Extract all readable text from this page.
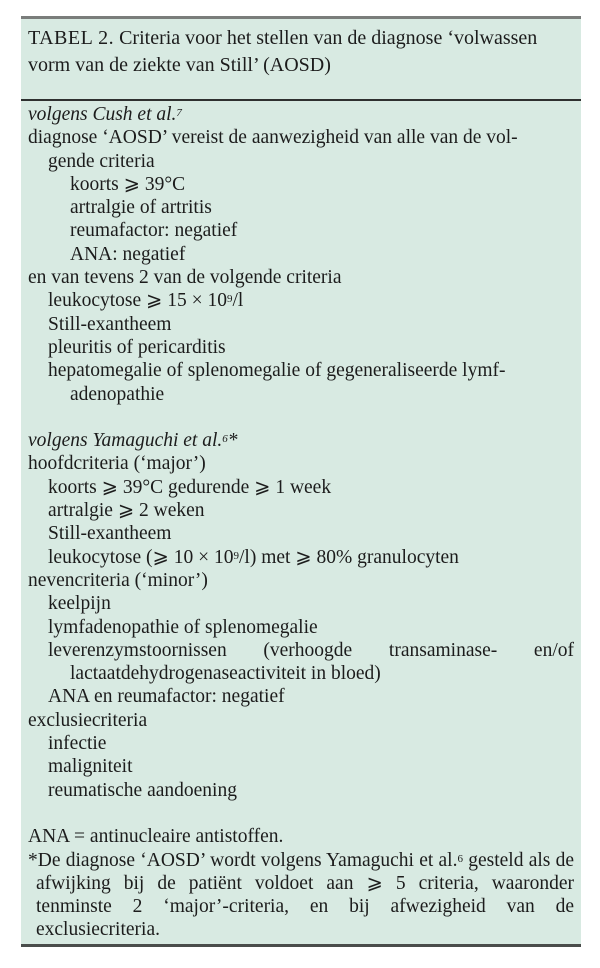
TABEL 2. Criteria voor het stellen van de diagnose ‘volwassen vorm van de ziekte van Still’ (AOSD)
volgens Cush et al.$^7$
diagnose ‘AOSD’ vereist de aanwezigheid van alle van de vol-
gende criteria
koorts ⩾ 39°C
artralgie of artritis
reumafactor: negatief
ANA: negatief
en van tevens 2 van de volgende criteria
leukocytose ⩾ $15 \times 10^9/l$
Still-exantheem
pleuritis of pericarditis
hepatomegalie of splenomegalie of gegeneraliseerde lymf-
adenopathie
volgens Yamaguchi et al.$^6$*
hoofdcriteria (‘major’)
koorts ⩾ 39°C gedurende ⩾ 1 week
artralgie ⩾ 2 weken
Still-exantheem
leukocytose (⩾ $10 \times 10^9/l$) met ⩾ 80% granulocyten
nevencriteria (‘minor’)
keelpijn
lymfadenopathie of splenomegalie
leverenzymstoornissen (verhoogde transaminase- en/of lactaatdehydrogenaseactiviteit in bloed)
ANA en reumafactor: negatief
exclusiecriteria
infectie
maligniteit
reumatische aandoening
ANA = antinucleaire antistoffen.
*De diagnose ‘AOSD’ wordt volgens Yamaguchi et al.$^6$ gesteld als de afwijking bij de patiënt voldoet aan ⩾ 5 criteria, waaronder tenminste 2 ‘major’-criteria, en bij afwezigheid van de exclusiecriteria.
